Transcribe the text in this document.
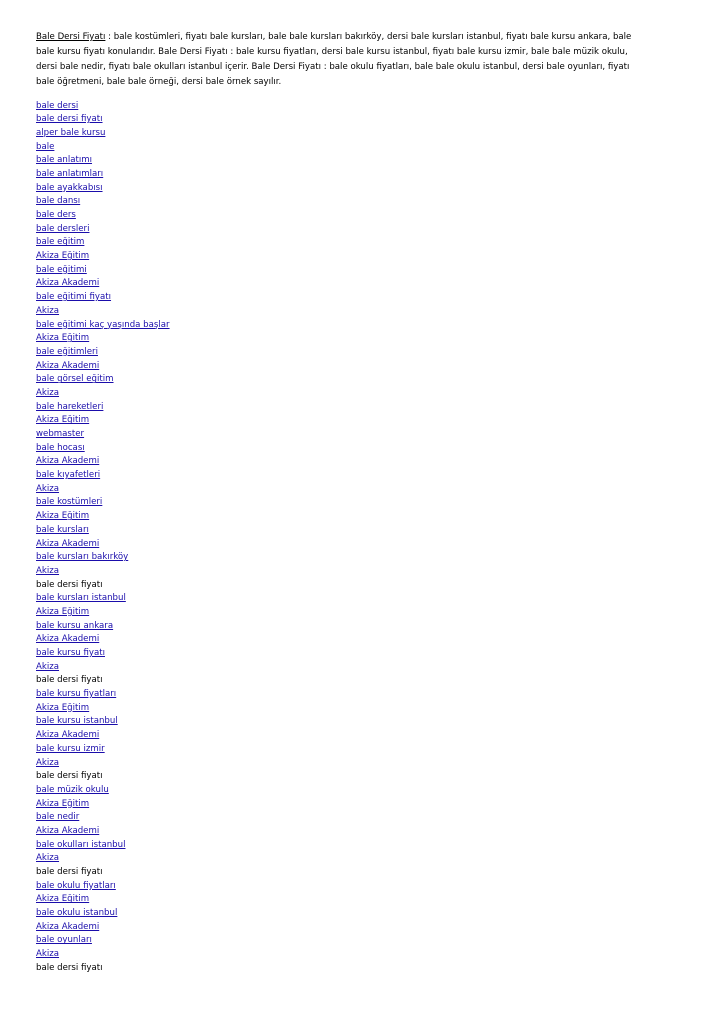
Bale Dersi Fiyatı : bale kostümleri, fiyatı bale kursları, bale bale kursları bakırköy, dersi bale kursları istanbul, fiyatı bale kursu ankara, bale
bale kursu fiyatı konularıdır. Bale Dersi Fiyatı : bale kursu fiyatları, dersi bale kursu istanbul, fiyatı bale kursu izmir, bale bale müzik okulu,
dersi bale nedir, fiyatı bale okulları istanbul içerir. Bale Dersi Fiyatı : bale okulu fiyatları, bale bale okulu istanbul, dersi bale oyunları, fiyatı
bale öğretmeni, bale bale örneği, dersi bale örnek sayılır.

bale dersi
bale dersi fiyatı
alper bale kursu
bale
bale anlatımı
bale anlatımları
bale ayakkabısı
bale dansı
bale ders
bale dersleri
bale eğitim
Akiza Eğitim
bale eğitimi
Akiza Akademi
bale eğitimi fiyatı
Akiza
bale eğitimi kaç yaşında başlar
Akiza Eğitim
bale eğitimleri
Akiza Akademi
bale görsel eğitim
Akiza
bale hareketleri
Akiza Eğitim
webmaster
bale hocası
Akiza Akademi
bale kıyafetleri
Akiza
bale kostümleri
Akiza Eğitim
bale kursları
Akiza Akademi
bale kursları bakırköy
Akiza
bale dersi fiyatı
bale kursları istanbul
Akiza Eğitim
bale kursu ankara
Akiza Akademi
bale kursu fiyatı
Akiza
bale dersi fiyatı
bale kursu fiyatları
Akiza Eğitim
bale kursu istanbul
Akiza Akademi
bale kursu izmir
Akiza
bale dersi fiyatı
bale müzik okulu
Akiza Eğitim
bale nedir
Akiza Akademi
bale okulları istanbul
Akiza
bale dersi fiyatı
bale okulu fiyatları
Akiza Eğitim
bale okulu istanbul
Akiza Akademi
bale oyunları
Akiza
bale dersi fiyatı
